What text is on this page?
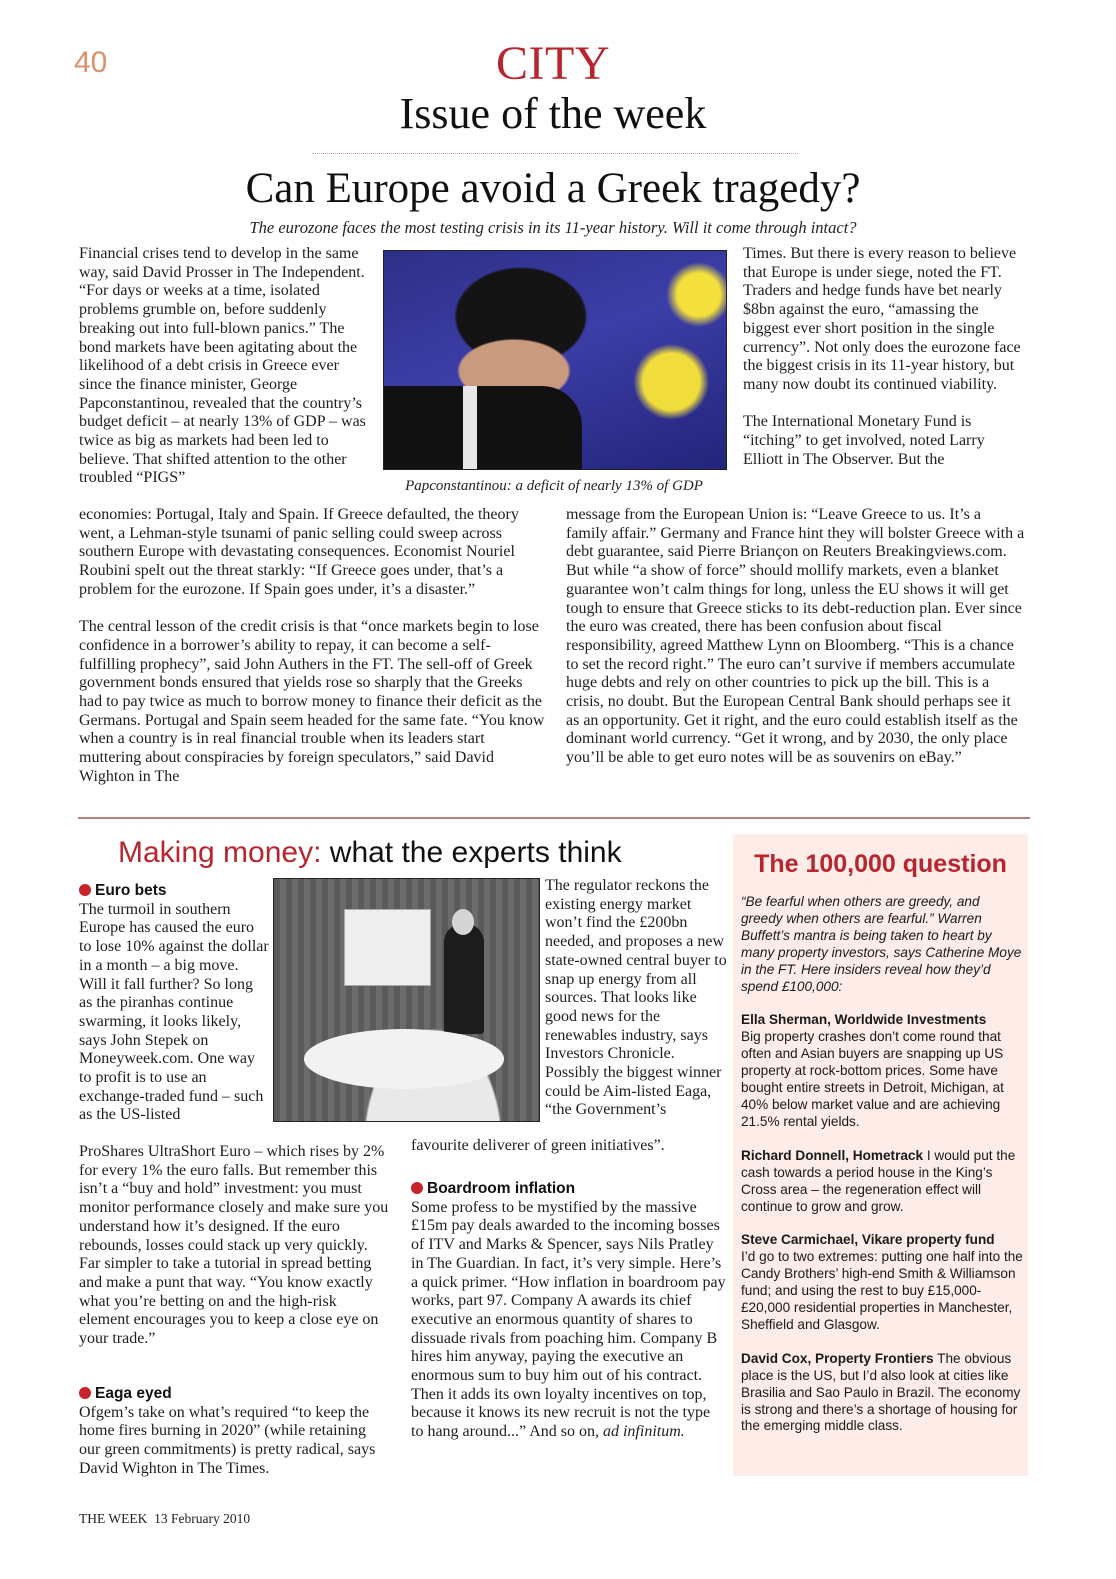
40	CITY
Issue of the week
Can Europe avoid a Greek tragedy?
The eurozone faces the most testing crisis in its 11-year history. Will it come through intact?

Financial crises tend to develop in the same way, said David Prosser in The Independent. “For days or weeks at a time, isolated problems grumble on, before suddenly breaking out into full-blown panics.” The bond markets have been agitating about the likelihood of a debt crisis in Greece ever since the finance minister, George Papconstantinou, revealed that the country’s budget deficit – at nearly 13% of GDP – was twice as big as markets had been led to believe. That shifted attention to the other troubled “PIGS”	Papconstantinou: a deficit of nearly 13% of GDP

Times. But there is every reason to believe that Europe is under siege, noted the FT. Traders and hedge funds have bet nearly $8bn against the euro, “amassing the biggest ever short position in the single currency”. Not only does the eurozone face the biggest crisis in its 11-year history, but many now doubt its continued viability.

The International Monetary Fund is “itching” to get involved, noted Larry Elliott in The Observer. But the

economies: Portugal, Italy and Spain. If Greece defaulted, the theory went, a Lehman-style tsunami of panic selling could sweep across southern Europe with devastating consequences. Economist Nouriel Roubini spelt out the threat starkly: “If Greece goes under, that’s a problem for the eurozone. If Spain goes under, it’s a disaster.”

The central lesson of the credit crisis is that “once markets begin to lose confidence in a borrower’s ability to repay, it can become a self-fulfilling prophecy”, said John Authers in the FT. The sell-off of Greek government bonds ensured that yields rose so sharply that the Greeks had to pay twice as much to borrow money to finance their deficit as the Germans. Portugal and Spain seem headed for the same fate. “You know when a country is in real financial trouble when its leaders start muttering about conspiracies by foreign speculators,” said David Wighton in The

message from the European Union is: “Leave Greece to us. It’s a family affair.” Germany and France hint they will bolster Greece with a debt guarantee, said Pierre Briançon on Reuters Breakingviews.com. But while “a show of force” should mollify markets, even a blanket guarantee won’t calm things for long, unless the EU shows it will get tough to ensure that Greece sticks to its debt-reduction plan. Ever since the euro was created, there has been confusion about fiscal responsibility, agreed Matthew Lynn on Bloomberg. “This is a chance to set the record right.” The euro can’t survive if members accumulate huge debts and rely on other countries to pick up the bill. This is a crisis, no doubt. But the European Central Bank should perhaps see it as an opportunity. Get it right, and the euro could establish itself as the dominant world currency. “Get it wrong, and by 2030, the only place you’ll be able to get euro notes will be as souvenirs on eBay.”

Making money: what the experts think
Euro bets

The turmoil in southern Europe has caused the euro to lose 10% against the dollar in a month – a big move. Will it fall further? So long as the piranhas continue swarming, it looks likely, says John Stepek on Moneyweek.com. One way to profit is to use an exchange-traded fund – such as the US-listed

ProShares UltraShort Euro – which rises by 2% for every 1% the euro falls. But remember this isn’t a “buy and hold” investment: you must monitor performance closely and make sure you understand how it’s designed. If the euro rebounds, losses could stack up very quickly. Far simpler to take a tutorial in spread betting and make a punt that way. “You know exactly what you’re betting on and the high-risk element encourages you to keep a close eye on your trade.”

The regulator reckons the existing energy market won’t find the £200bn needed, and proposes a new state-owned central buyer to snap up energy from all sources. That looks like good news for the renewables industry, says Investors Chronicle. Possibly the biggest winner could be Aim-listed Eaga, “the Government’s

favourite deliverer of green initiatives”.

Eaga eyed

Ofgem’s take on what’s required “to keep the home fires burning in 2020” (while retaining our green commitments) is pretty radical, says David Wighton in The Times.

Boardroom inflation

Some profess to be mystified by the massive £15m pay deals awarded to the incoming bosses of ITV and Marks & Spencer, says Nils Pratley in The Guardian. In fact, it’s very simple. Here’s a quick primer. “How inflation in boardroom pay works, part 97. Company A awards its chief executive an enormous quantity of shares to dissuade rivals from poaching him. Company B hires him anyway, paying the executive an enormous sum to buy him out of his contract. Then it adds its own loyalty incentives on top, because it knows its new recruit is not the type to hang around...” And so on, ad infinitum.

The 100,000 question

“Be fearful when others are greedy, and greedy when others are fearful.” Warren Buffett’s mantra is being taken to heart by many property investors, says Catherine Moye in the FT. Here insiders reveal how they’d spend £100,000:

Ella Sherman, Worldwide Investments
Big property crashes don’t come round that often and Asian buyers are snapping up US property at rock-bottom prices. Some have bought entire streets in Detroit, Michigan, at 40% below market value and are achieving 21.5% rental yields.

Richard Donnell, Hometrack I would put the cash towards a period house in the King’s Cross area – the regeneration effect will continue to grow and grow.

Steve Carmichael, Vikare property fund
I’d go to two extremes: putting one half into the Candy Brothers’ high-end Smith & Williamson fund; and using the rest to buy £15,000-£20,000 residential properties in Manchester, Sheffield and Glasgow.

David Cox, Property Frontiers The obvious place is the US, but I’d also look at cities like Brasilia and Sao Paulo in Brazil. The economy is strong and there’s a shortage of housing for the emerging middle class.

THE WEEK  13 February 2010
